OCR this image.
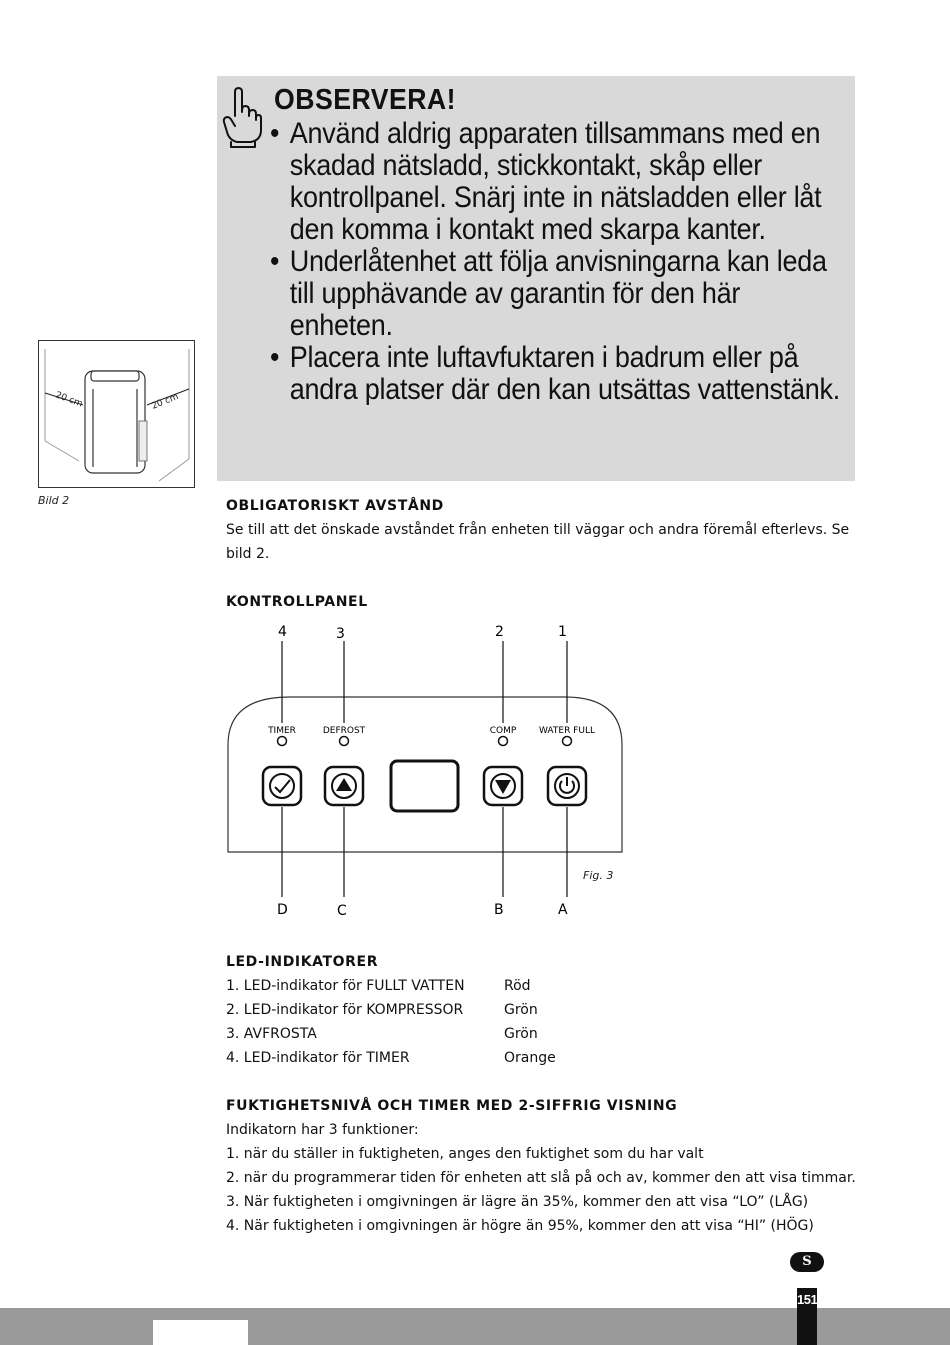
OBSERVERA!
• Använd aldrig apparaten tillsammans med en skadad nätsladd, stickkontakt, skåp eller kontrollpanel. Snärj inte in nätsladden eller låt den komma i kontakt med skarpa kanter.
• Underlåtenhet att följa anvisningarna kan leda till upphävande av garantin för den här enheten.
• Placera inte luftavfuktaren i badrum eller på andra platser där den kan utsättas vattenstänk.
20 cm	20 cm
Bild 2	OBLIGATORISKT AVSTÅND
Se till att det önskade avståndet från enheten till väggar och andra föremål efterlevs. Se bild 2.
KONTROLLPANEL
4	3	2	1
TIMER	DEFROST	COMP	WATER FULL
D	C	B	A
Fig. 3
LED-INDIKATORER
1. LED-indikator för FULLT VATTEN	Röd
2. LED-indikator för KOMPRESSOR	Grön
3. AVFROSTA	Grön
4. LED-indikator för TIMER	Orange
FUKTIGHETSNIVÅ OCH TIMER MED 2-SIFFRIG VISNING
Indikatorn har 3 funktioner:
1. när du ställer in fuktigheten, anges den fuktighet som du har valt
2. när du programmerar tiden för enheten att slå på och av, kommer den att visa timmar.
3. När fuktigheten i omgivningen är lägre än 35%, kommer den att visa “LO” (LÅG)
4. När fuktigheten i omgivningen är högre än 95%, kommer den att visa “HI” (HÖG)
S
151
